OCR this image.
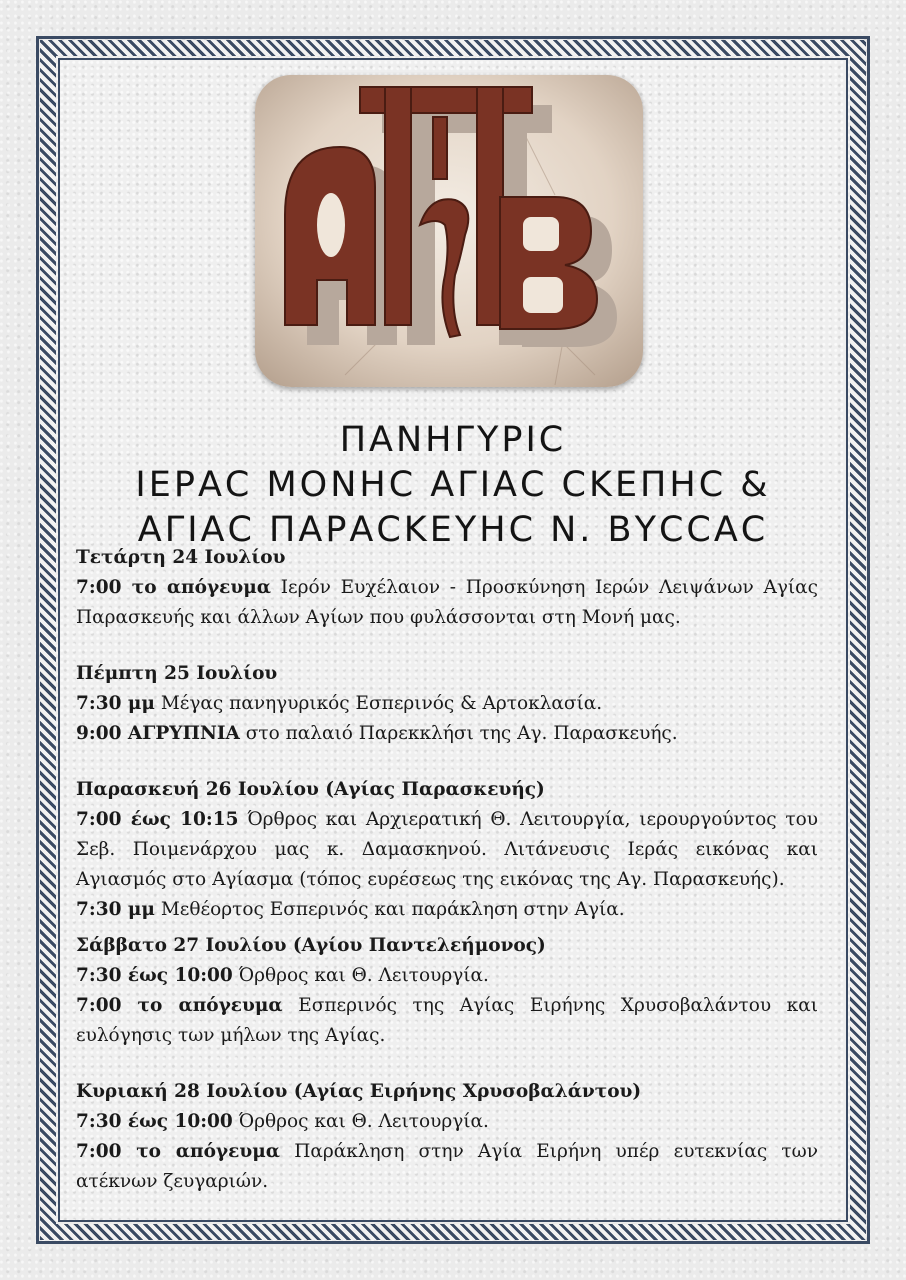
ΠΑΝΗΓΥΡΙϹ
ΙΕΡΑϹ ΜΟΝΗϹ ΑΓΙΑϹ ϹΚΕΠΗϹ &
ΑΓΙΑϹ ΠΑΡΑϹΚΕΥΗϹ Ν. ΒΥϹϹΑϹ

Τετάρτη 24 Ιουλίου

7:00 το απόγευμα Ιερόν Ευχέλαιον - Προσκύνηση Ιερών Λειψάνων Αγίας Παρασκευής και άλλων Αγίων που φυλάσσονται στη Μονή μας.

Πέμπτη 25 Ιουλίου

7:30 μμ Μέγας πανηγυρικός Εσπερινός & Αρτοκλασία.

9:00 ΑΓΡΥΠΝΙΑ στο παλαιό Παρεκκλήσι της Αγ. Παρασκευής.

Παρασκευή 26 Ιουλίου (Αγίας Παρασκευής)

7:00 έως 10:15 Όρθρος και Αρχιερατική Θ. Λειτουργία, ιερουργούντος του Σεβ. Ποιμενάρχου μας κ. Δαμασκηνού. Λιτάνευσις Ιεράς εικόνας και Αγιασμός στο Αγίασμα (τόπος ευρέσεως της εικόνας της Αγ. Παρασκευής).

7:30 μμ Μεθέορτος Εσπερινός και παράκληση στην Αγία.

Σάββατο 27 Ιουλίου (Αγίου Παντελεήμονος)

7:30 έως 10:00 Όρθρος και Θ. Λειτουργία.

7:00 το απόγευμα Εσπερινός της Αγίας Ειρήνης Χρυσοβαλάντου και ευλόγησις των μήλων της Αγίας.

Κυριακή 28 Ιουλίου (Αγίας Ειρήνης Χρυσοβαλάντου)

7:30 έως 10:00 Όρθρος και Θ. Λειτουργία.

7:00 το απόγευμα Παράκληση στην Αγία Ειρήνη υπέρ ευτεκνίας των ατέκνων ζευγαριών.
